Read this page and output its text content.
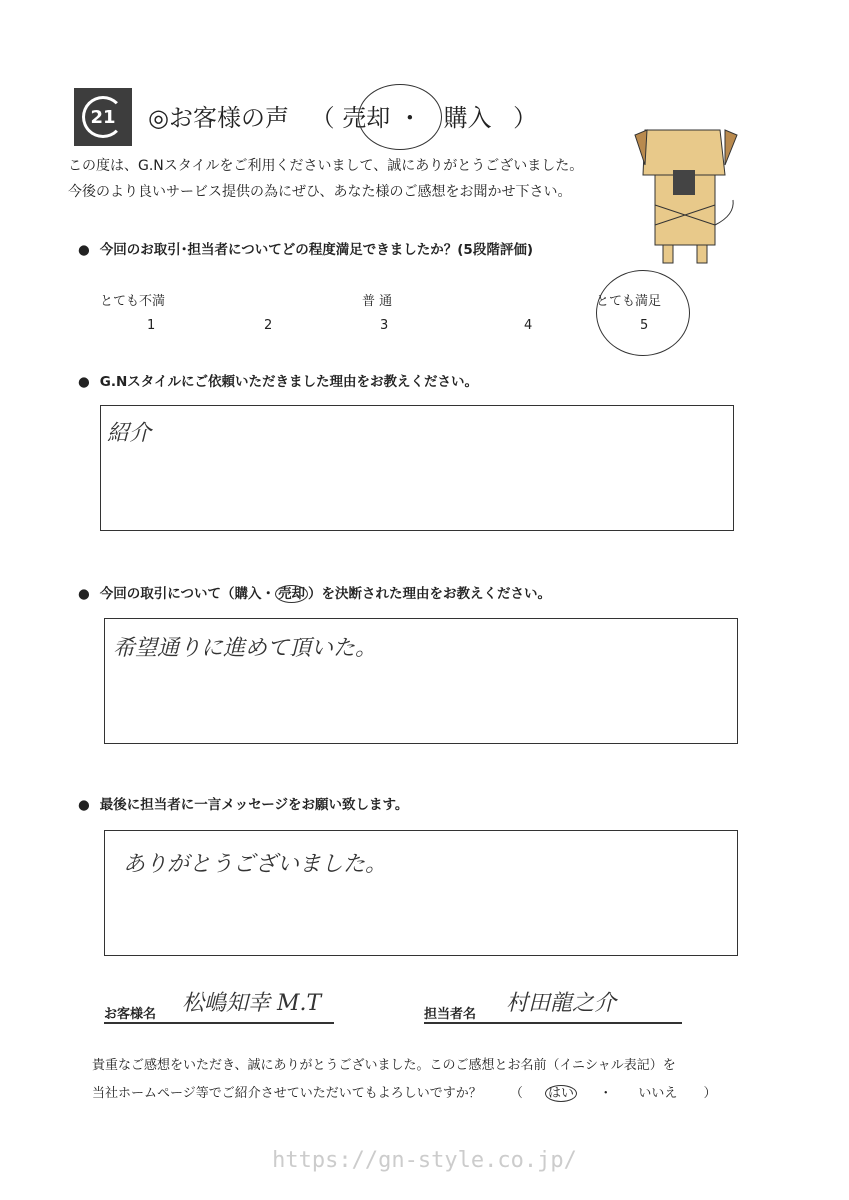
21	◎お客様の声 （ 売却 ・ 購入 ）
この度は、G.Nスタイルをご利用くださいまして、誠にありがとうございました。
今後のより良いサービス提供の為にぜひ、あなた様のご感想をお聞かせ下さい。
● 今回のお取引･担当者についてどの程度満足できましたか？(5段階評価)
とても不満	普 通	とても満足
1	2	3	4	5
● G.Nスタイルにご依頼いただきました理由をお教えください。
紹介
● 今回の取引について（購入・ 売却 ）を決断された理由をお教えください。
希望通りに進めて頂いた。
● 最後に担当者に一言メッセージをお願い致します。
ありがとうございました。
お客様名 松嶋知幸 M.T	担当者名 村田龍之介
貴重なご感想をいただき、誠にありがとうございました。このご感想とお名前（イニシャル表記）を
当社ホームページ等でご紹介させていただいてもよろしいですか？ （ はい ・ いいえ ）
https://gn-style.co.jp/
